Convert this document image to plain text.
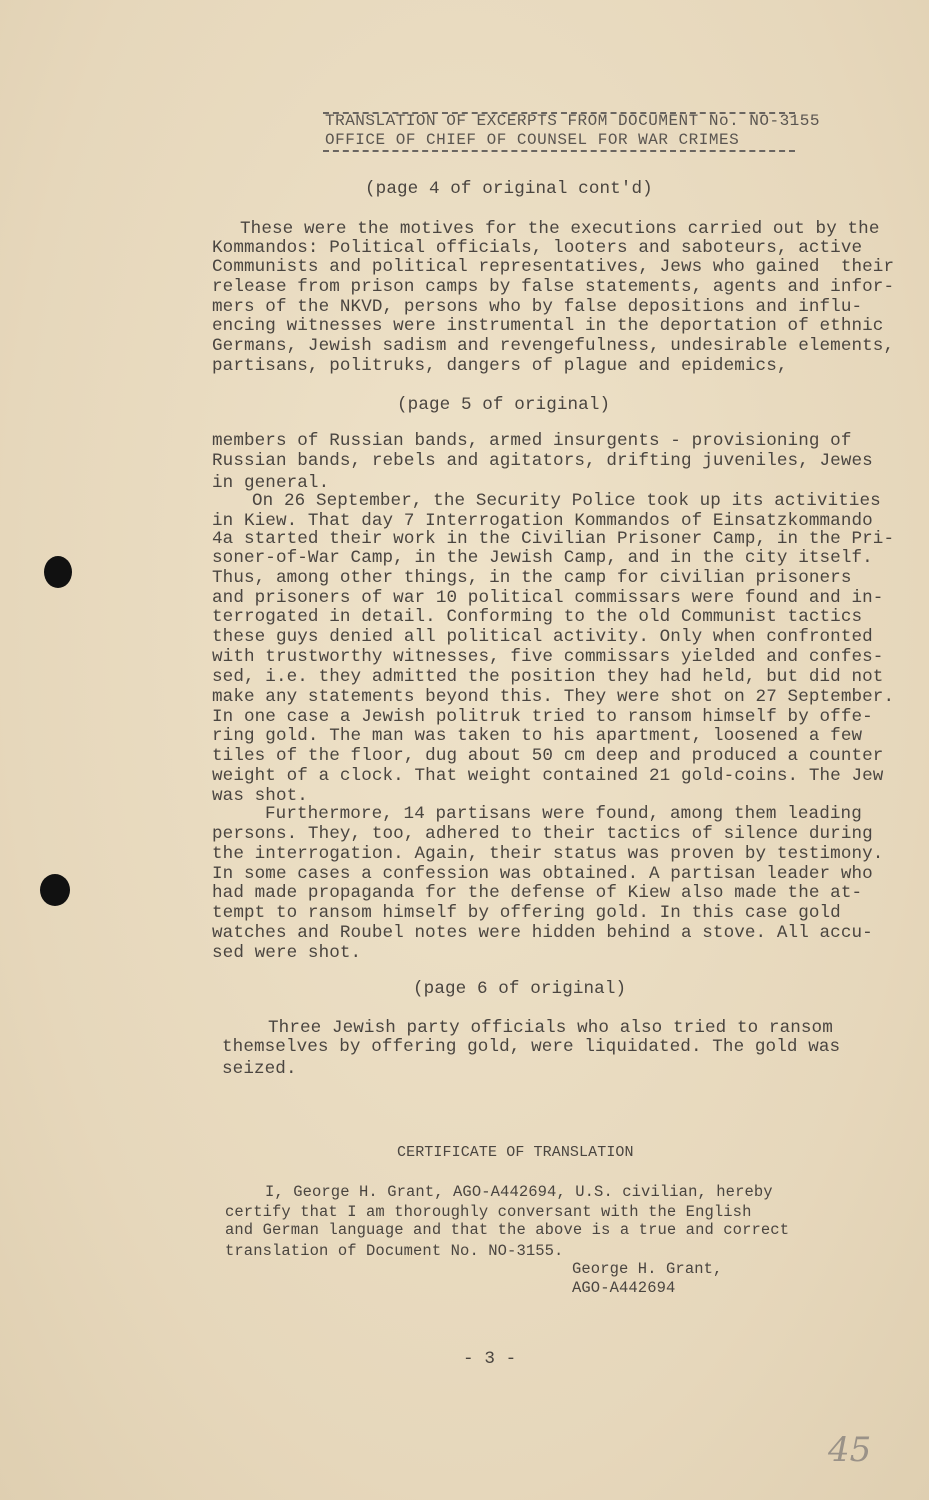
TRANSLATION OF EXCERPTS FROM DOCUMENT No. NO-3155
OFFICE OF CHIEF OF COUNSEL FOR WAR CRIMES
(page 4 of original cont'd)
These were the motives for the executions carried out by the
Kommandos: Political officials, looters and saboteurs, active
Communists and political representatives, Jews who gained  their
release from prison camps by false statements, agents and infor-
mers of the NKVD, persons who by false depositions and influ-
encing witnesses were instrumental in the deportation of ethnic
Germans, Jewish sadism and revengefulness, undesirable elements,
partisans, politruks, dangers of plague and epidemics,
(page 5 of original)
members of Russian bands, armed insurgents - provisioning of
Russian bands, rebels and agitators, drifting juveniles, Jewes
in general.
On 26 September, the Security Police took up its activities
in Kiew. That day 7 Interrogation Kommandos of Einsatzkommando
4a started their work in the Civilian Prisoner Camp, in the Pri-
soner-of-War Camp, in the Jewish Camp, and in the city itself.
Thus, among other things, in the camp for civilian prisoners
and prisoners of war 10 political commissars were found and in-
terrogated in detail. Conforming to the old Communist tactics
these guys denied all political activity. Only when confronted
with trustworthy witnesses, five commissars yielded and confes-
sed, i.e. they admitted the position they had held, but did not
make any statements beyond this. They were shot on 27 September.
In one case a Jewish politruk tried to ransom himself by offe-
ring gold. The man was taken to his apartment, loosened a few
tiles of the floor, dug about 50 cm deep and produced a counter
weight of a clock. That weight contained 21 gold-coins. The Jew
was shot.
Furthermore, 14 partisans were found, among them leading
persons. They, too, adhered to their tactics of silence during
the interrogation. Again, their status was proven by testimony.
In some cases a confession was obtained. A partisan leader who
had made propaganda for the defense of Kiew also made the at-
tempt to ransom himself by offering gold. In this case gold
watches and Roubel notes were hidden behind a stove. All accu-
sed were shot.
(page 6 of original)
Three Jewish party officials who also tried to ransom
themselves by offering gold, were liquidated. The gold was
seized.
CERTIFICATE OF TRANSLATION
I, George H. Grant, AGO-A442694, U.S. civilian, hereby
certify that I am thoroughly conversant with the English
and German language and that the above is a true and correct
translation of Document No. NO-3155.
George H. Grant,
AGO-A442694
- 3 -
45
